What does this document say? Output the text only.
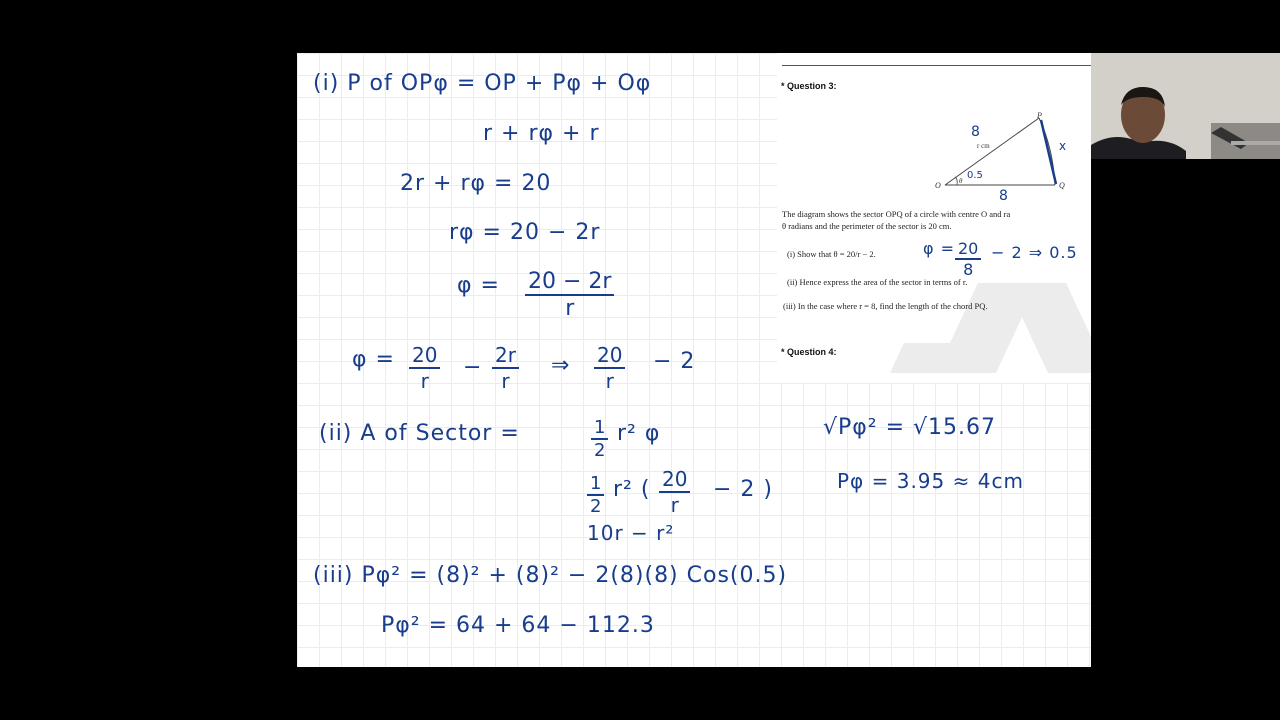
(i) P of OPφ = OP + Pφ + Oφ
r + rφ + r
2r + rφ = 20
rφ = 20 − 2r
$\varphi = \frac{20 - 2r}{r}$
$\varphi = \frac{20}{r} - \frac{2r}{r}$ ⇒ $\frac{20}{r} - 2$
(ii) A of Sector =	$\frac{1}{2} r^2$ φ
$\frac{1}{2} r^2$ ( $\frac{20}{r} - 2$ )
10r − r²
(iii) Pφ² = (8)² + (8)² − 2(8)(8) Cos(0.5)
Pφ² = 64 + 64 − 112.3
√Pφ² = √15.67
Pφ = 3.95 ≈ 4cm
* Question 3:
P
O	Q
θ
r cm
8
8
0.5
x
The diagram shows the sector OPQ of a circle with centre O and ra
θ radians and the perimeter of the sector is 20 cm.
(i) Show that θ = 20/r − 2.	$\varphi = \frac{20}{8} - 2$ ⇒ 0.5
(ii) Hence express the area of the sector in terms of r.
(iii) In the case where r = 8, find the length of the chord PQ.
* Question 4:
